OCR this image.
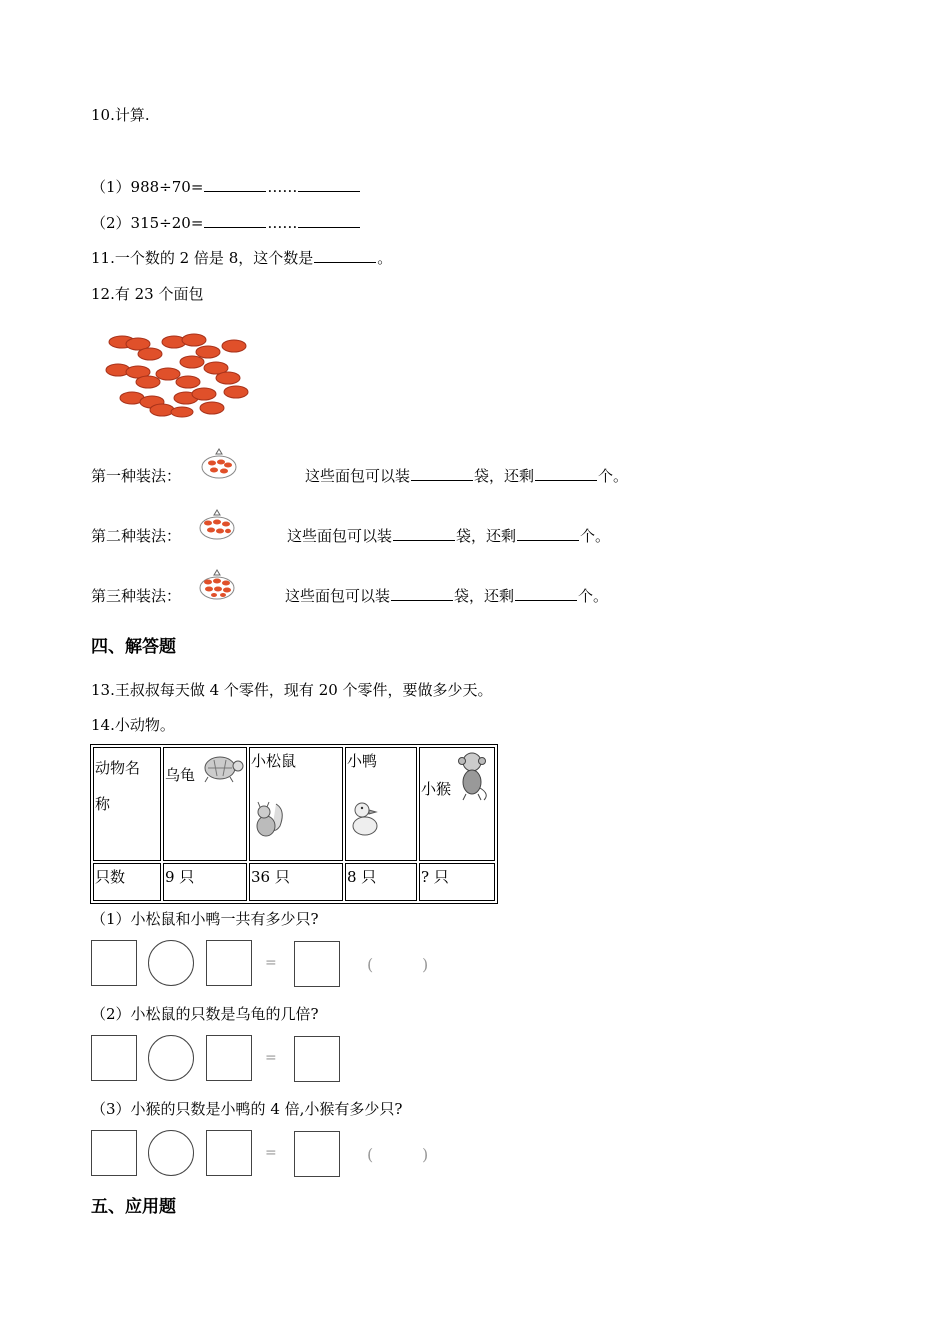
10.计算.
（1）988÷70=	……
（2）315÷20=	……
11.一个数的 2 倍是 8，这个数是	。
12.有 23 个面包
第一种装法：	这些面包可以装	袋，还剩	个。
第二种装法：	这些面包可以装	袋，还剩	个。
第三种装法：	这些面包可以装	袋，还剩	个。
四、解答题
13.王叔叔每天做 4 个零件，现有 20 个零件，要做多少天。
14.小动物。
动物名
称	乌龟	小松鼠	小鸭	小猴

只数	9 只	36 只	8 只	? 只
（1）小松鼠和小鸭一共有多少只?
=	(	)
（2）小松鼠的只数是乌龟的几倍?
=
（3）小猴的只数是小鸭的 4 倍,小猴有多少只?
=	(	)
五、应用题
